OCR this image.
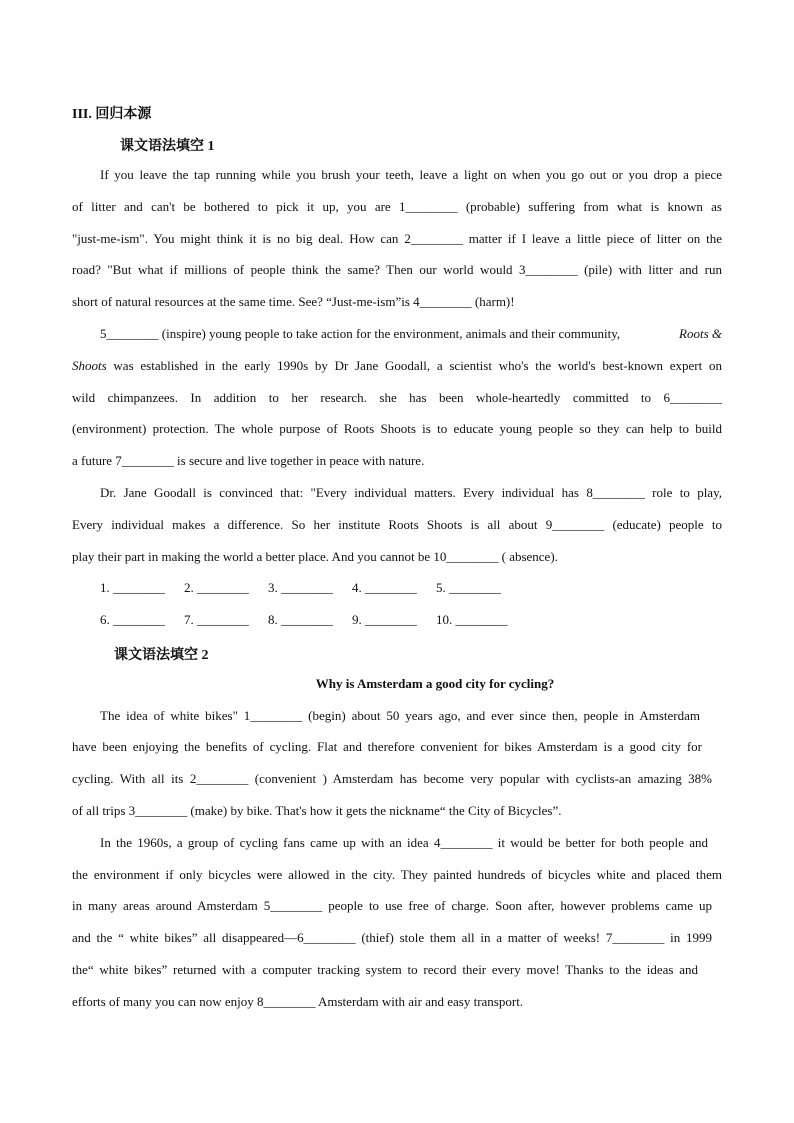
III. 回归本源
课文语法填空 1
If you leave the tap running while you brush your teeth, leave a light on when you go out or you drop a piece
of litter and can't be bothered to pick it up, you are 1________ (probable) suffering from what is known as
"just-me-ism". You might think it is no big deal. How can 2________ matter if I leave a little piece of litter on the
road? "But what if millions of people think the same? Then our world would 3________ (pile) with litter and run
short of natural resources at the same time. See? “Just-me-ism”is 4________ (harm)!
5________ (inspire) young people to take action for the environment, animals and their community,	Roots &
Shoots was established in the early 1990s by Dr Jane Goodall, a scientist who's the world's best-known expert on
wild chimpanzees. In addition to her research. she has been whole-heartedly committed to 6________
(environment) protection. The whole purpose of Roots Shoots is to educate young people so they can help to build
a future 7________ is secure and live together in peace with nature.
Dr. Jane Goodall is convinced that: "Every individual matters. Every individual has 8________ role to play,
Every individual makes a difference. So her institute Roots Shoots is all about 9________ (educate) people to
play their part in making the world a better place. And you cannot be 10________ ( absence).
1. ________ 2. ________ 3. ________ 4. ________ 5. ________
6. ________ 7. ________ 8. ________ 9. ________ 10. ________
课文语法填空 2
Why is Amsterdam a good city for cycling?
The idea of white bikes" 1________ (begin) about 50 years ago, and ever since then, people in Amsterdam
have been enjoying the benefits of cycling. Flat and therefore convenient for bikes Amsterdam is a good city for
cycling. With all its 2________ (convenient ) Amsterdam has become very popular with cyclists-an amazing 38%
of all trips 3________ (make) by bike. That's how it gets the nickname“ the City of Bicycles”.
In the 1960s, a group of cycling fans came up with an idea 4________ it would be better for both people and
the environment if only bicycles were allowed in the city. They painted hundreds of bicycles white and placed them
in many areas around Amsterdam 5________ people to use free of charge. Soon after, however problems came up
and the “ white bikes” all disappeared—6________ (thief) stole them all in a matter of weeks! 7________ in 1999
the“ white bikes” returned with a computer tracking system to record their every move! Thanks to the ideas and
efforts of many you can now enjoy 8________ Amsterdam with air and easy transport.
